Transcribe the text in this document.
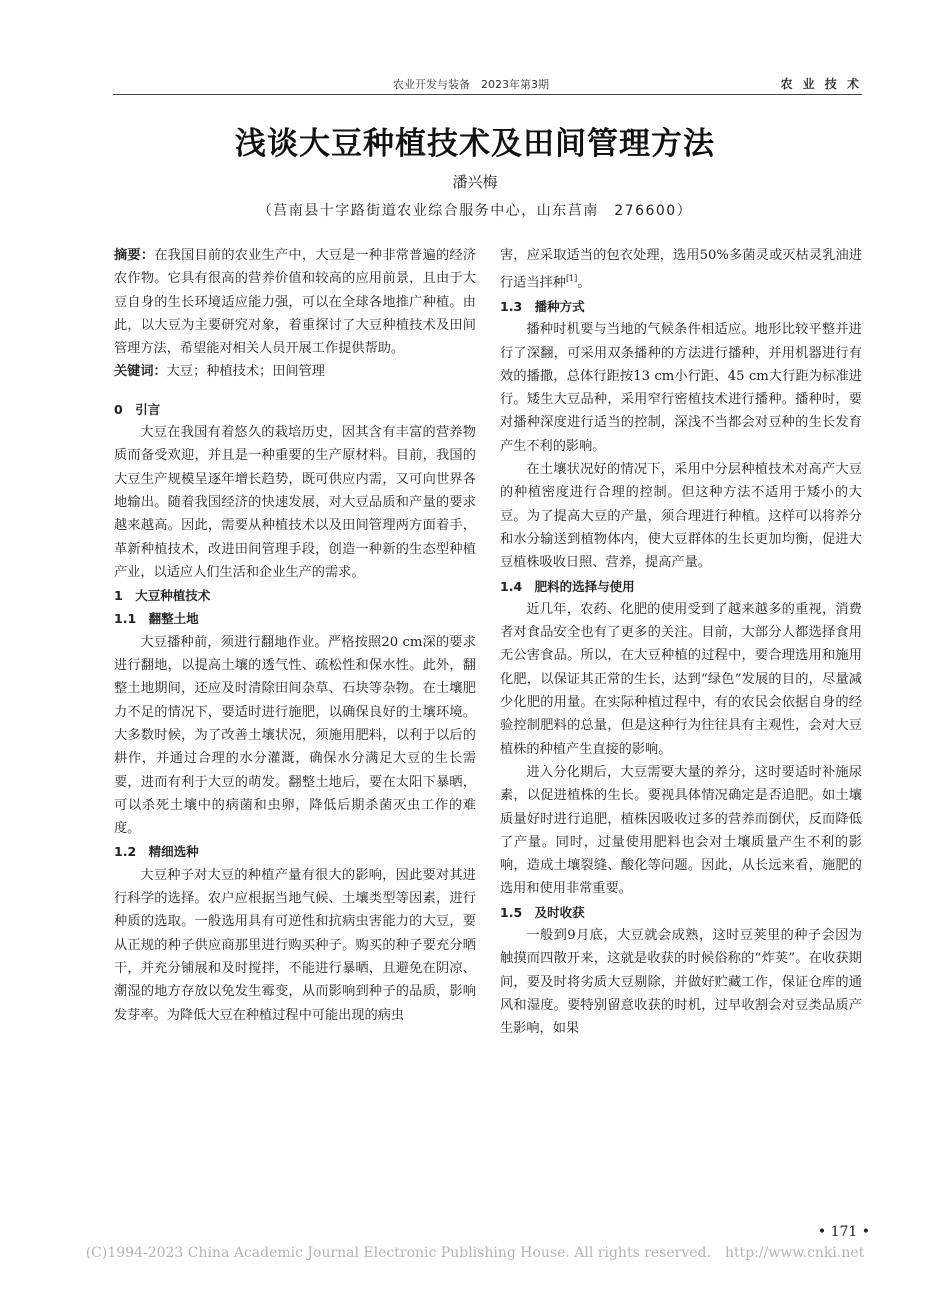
农业开发与装备　2023年第3期	农 业 技 术
浅谈大豆种植技术及田间管理方法
潘兴梅
（莒南县十字路街道农业综合服务中心，山东莒南　276600）

摘要：在我国目前的农业生产中，大豆是一种非常普遍的经济农作物。它具有很高的营养价值和较高的应用前景，且由于大豆自身的生长环境适应能力强，可以在全球各地推广种植。由此，以大豆为主要研究对象，着重探讨了大豆种植技术及田间管理方法，希望能对相关人员开展工作提供帮助。

关键词：大豆；种植技术；田间管理

0　引言

大豆在我国有着悠久的栽培历史，因其含有丰富的营养物质而备受欢迎，并且是一种重要的生产原材料。目前，我国的大豆生产规模呈逐年增长趋势，既可供应内需，又可向世界各地输出。随着我国经济的快速发展，对大豆品质和产量的要求越来越高。因此，需要从种植技术以及田间管理两方面着手，革新种植技术，改进田间管理手段，创造一种新的生态型种植产业，以适应人们生活和企业生产的需求。

1　大豆种植技术

1.1　翻整土地

大豆播种前，须进行翻地作业。严格按照20 cm深的要求进行翻地，以提高土壤的透气性、疏松性和保水性。此外，翻整土地期间，还应及时清除田间杂草、石块等杂物。在土壤肥力不足的情况下，要适时进行施肥，以确保良好的土壤环境。大多数时候，为了改善土壤状况，须施用肥料，以利于以后的耕作，并通过合理的水分灌溉，确保水分满足大豆的生长需要，进而有利于大豆的萌发。翻整土地后，要在太阳下暴晒，可以杀死土壤中的病菌和虫卵，降低后期杀菌灭虫工作的难度。

1.2　精细选种

大豆种子对大豆的种植产量有很大的影响，因此要对其进行科学的选择。农户应根据当地气候、土壤类型等因素，进行种质的选取。一般选用具有可逆性和抗病虫害能力的大豆，要从正规的种子供应商那里进行购买种子。购买的种子要充分晒干，并充分铺展和及时搅拌，不能进行暴晒，且避免在阴凉、潮湿的地方存放以免发生霉变，从而影响到种子的品质，影响发芽率。为降低大豆在种植过程中可能出现的病虫

害，应采取适当的包衣处理，选用50%多菌灵或灭枯灵乳油进行适当拌种[1]。

1.3　播种方式

播种时机要与当地的气候条件相适应。地形比较平整并进行了深翻，可采用双条播种的方法进行播种，并用机器进行有效的播撒，总体行距按13 cm小行距、45 cm大行距为标准进行。矮生大豆品种，采用窄行密植技术进行播种。播种时，要对播种深度进行适当的控制，深浅不当都会对豆种的生长发育产生不利的影响。

在土壤状况好的情况下，采用中分层种植技术对高产大豆的种植密度进行合理的控制。但这种方法不适用于矮小的大豆。为了提高大豆的产量，须合理进行种植。这样可以将养分和水分输送到植物体内，使大豆群体的生长更加均衡，促进大豆植株吸收日照、营养，提高产量。

1.4　肥料的选择与使用

近几年，农药、化肥的使用受到了越来越多的重视，消费者对食品安全也有了更多的关注。目前，大部分人都选择食用无公害食品。所以，在大豆种植的过程中，要合理选用和施用化肥，以保证其正常的生长，达到“绿色”发展的目的，尽量减少化肥的用量。在实际种植过程中，有的农民会依据自身的经验控制肥料的总量，但是这种行为往往具有主观性，会对大豆植株的种植产生直接的影响。

进入分化期后，大豆需要大量的养分，这时要适时补施尿素，以促进植株的生长。要视具体情况确定是否追肥。如土壤质量好时进行追肥，植株因吸收过多的营养而倒伏，反而降低了产量。同时，过量使用肥料也会对土壤质量产生不利的影响，造成土壤裂缝、酸化等问题。因此，从长远来看，施肥的选用和使用非常重要。

1.5　及时收获

一般到9月底，大豆就会成熟，这时豆荚里的种子会因为触摸而四散开来，这就是收获的时候俗称的“炸荚”。在收获期间，要及时将劣质大豆剔除，并做好贮藏工作，保证仓库的通风和湿度。要特别留意收获的时机，过早收割会对豆类品质产生影响，如果

• 171 •
(C)1994-2023 China Academic Journal Electronic Publishing House. All rights reserved.　http://www.cnki.net
